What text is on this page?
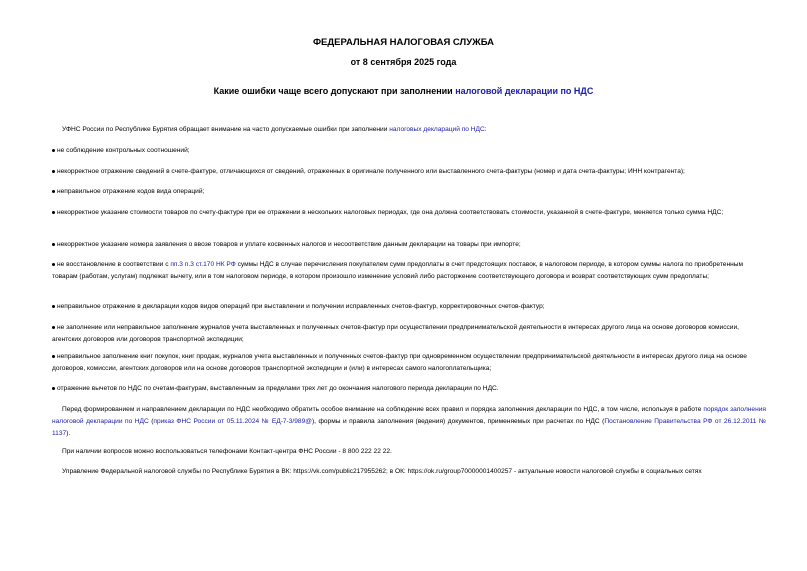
ФЕДЕРАЛЬНАЯ НАЛОГОВАЯ СЛУЖБА
от 8 сентября 2025 года
Какие ошибки чаще всего допускают при заполнении налоговой декларации по НДС
УФНС России по Республике Бурятия обращает внимание на часто допускаемые ошибки при заполнении налоговых деклараций по НДС:
не соблюдение контрольных соотношений;
некорректное отражение сведений в счете-фактуре, отличающихся от сведений, отраженных в оригинале полученного или выставленного счета-фактуры (номер и дата счета-фактуры; ИНН контрагента);
неправильное отражение кодов вида операций;
некорректное указание стоимости товаров по счету-фактуре при ее отражении в нескольких налоговых периодах, где она должна соответствовать стоимости, указанной в счете-фактуре, меняется только сумма НДС;
некорректное указание номера заявления о ввозе товаров и уплате косвенных налогов и несоответствие данным декларации на товары при импорте;
не восстановление в соответствии с пп.3 п.3 ст.170 НК РФ суммы НДС в случае перечисления покупателем сумм предоплаты в счет предстоящих поставок, в налоговом периоде, в котором суммы налога по приобретенным товарам (работам, услугам) подлежат вычету, или в том налоговом периоде, в котором произошло изменение условий либо расторжение соответствующего договора и возврат соответствующих сумм предоплаты;
неправильное отражение в декларации кодов видов операций при выставлении и получении исправленных счетов-фактур, корректировочных счетов-фактур;
не заполнение или неправильное заполнение журналов учета выставленных и полученных счетов-фактур при осуществлении предпринимательской деятельности в интересах другого лица на основе договоров комиссии, агентских договоров или договоров транспортной экспедиции;
неправильное заполнение книг покупок, книг продаж, журналов учета выставленных и полученных счетов-фактур при одновременном осуществлении предпринимательской деятельности в интересах другого лица на основе договоров, комиссии, агентских договоров или на основе договоров транспортной экспедиции и (или) в интересах самого налогоплательщика;
отражение вычетов по НДС по счетам-фактурам, выставленным за пределами трех лет до окончания налогового периода декларации по НДС.
Перед формированием и направлением декларации по НДС необходимо обратить особое внимание на соблюдение всех правил и порядка заполнения декларации по НДС, в том числе, используя в работе порядок заполнения налоговой декларации по НДС (приказ ФНС России от 05.11.2024 № ЕД-7-3/989@), формы и правила заполнения (ведения) документов, применяемых при расчетах по НДС (Постановление Правительства РФ от 26.12.2011 № 1137).
При наличии вопросов можно воспользоваться телефонами Контакт-центра ФНС России - 8 800 222 22 22.
Управление Федеральной налоговой службы по Республике Бурятия в ВК: https://vk.com/public217955262; в ОК: https://ok.ru/group70000001400257 - актуальные новости налоговой службы в социальных сетях
